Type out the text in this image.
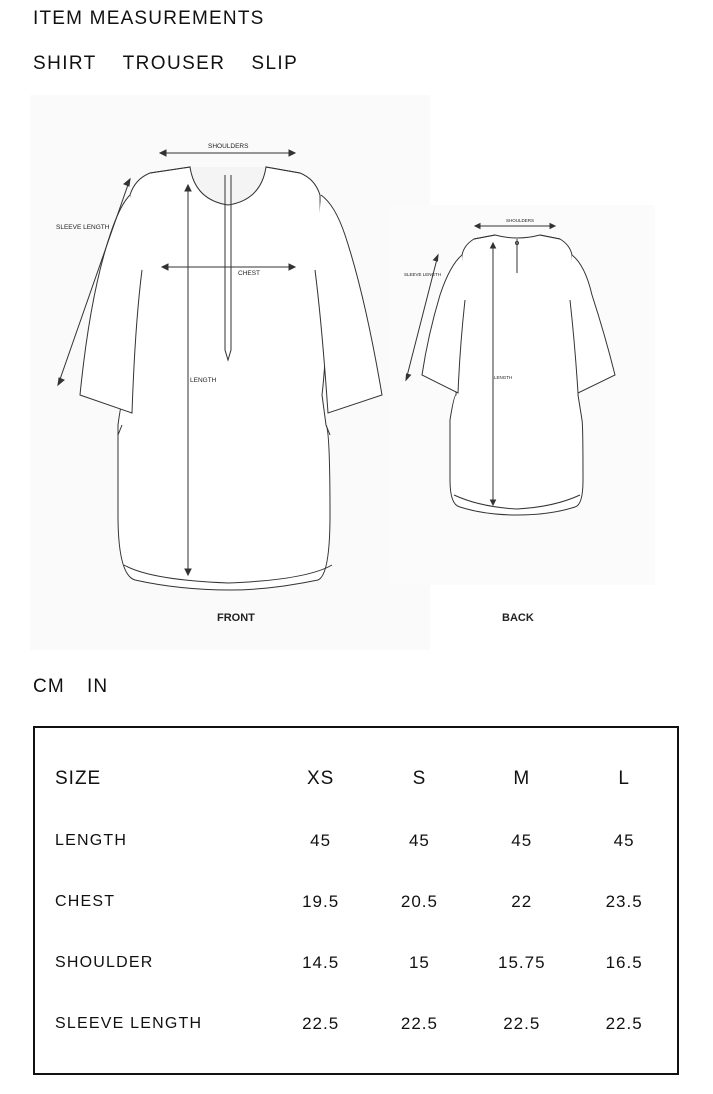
ITEM MEASUREMENTS
SHIRT TROUSER SLIP
SHOULDERS
CHEST
LENGTH
SLEEVE LENGTH
FRONT
SHOULDERS
LENGTH
SLEEVE LENGTH
BACK
CM IN
SIZE	XS	S	M	L
LENGTH	45	45	45	45
CHEST	19.5	20.5	22	23.5
SHOULDER	14.5	15	15.75	16.5
SLEEVE LENGTH	22.5	22.5	22.5	22.5
